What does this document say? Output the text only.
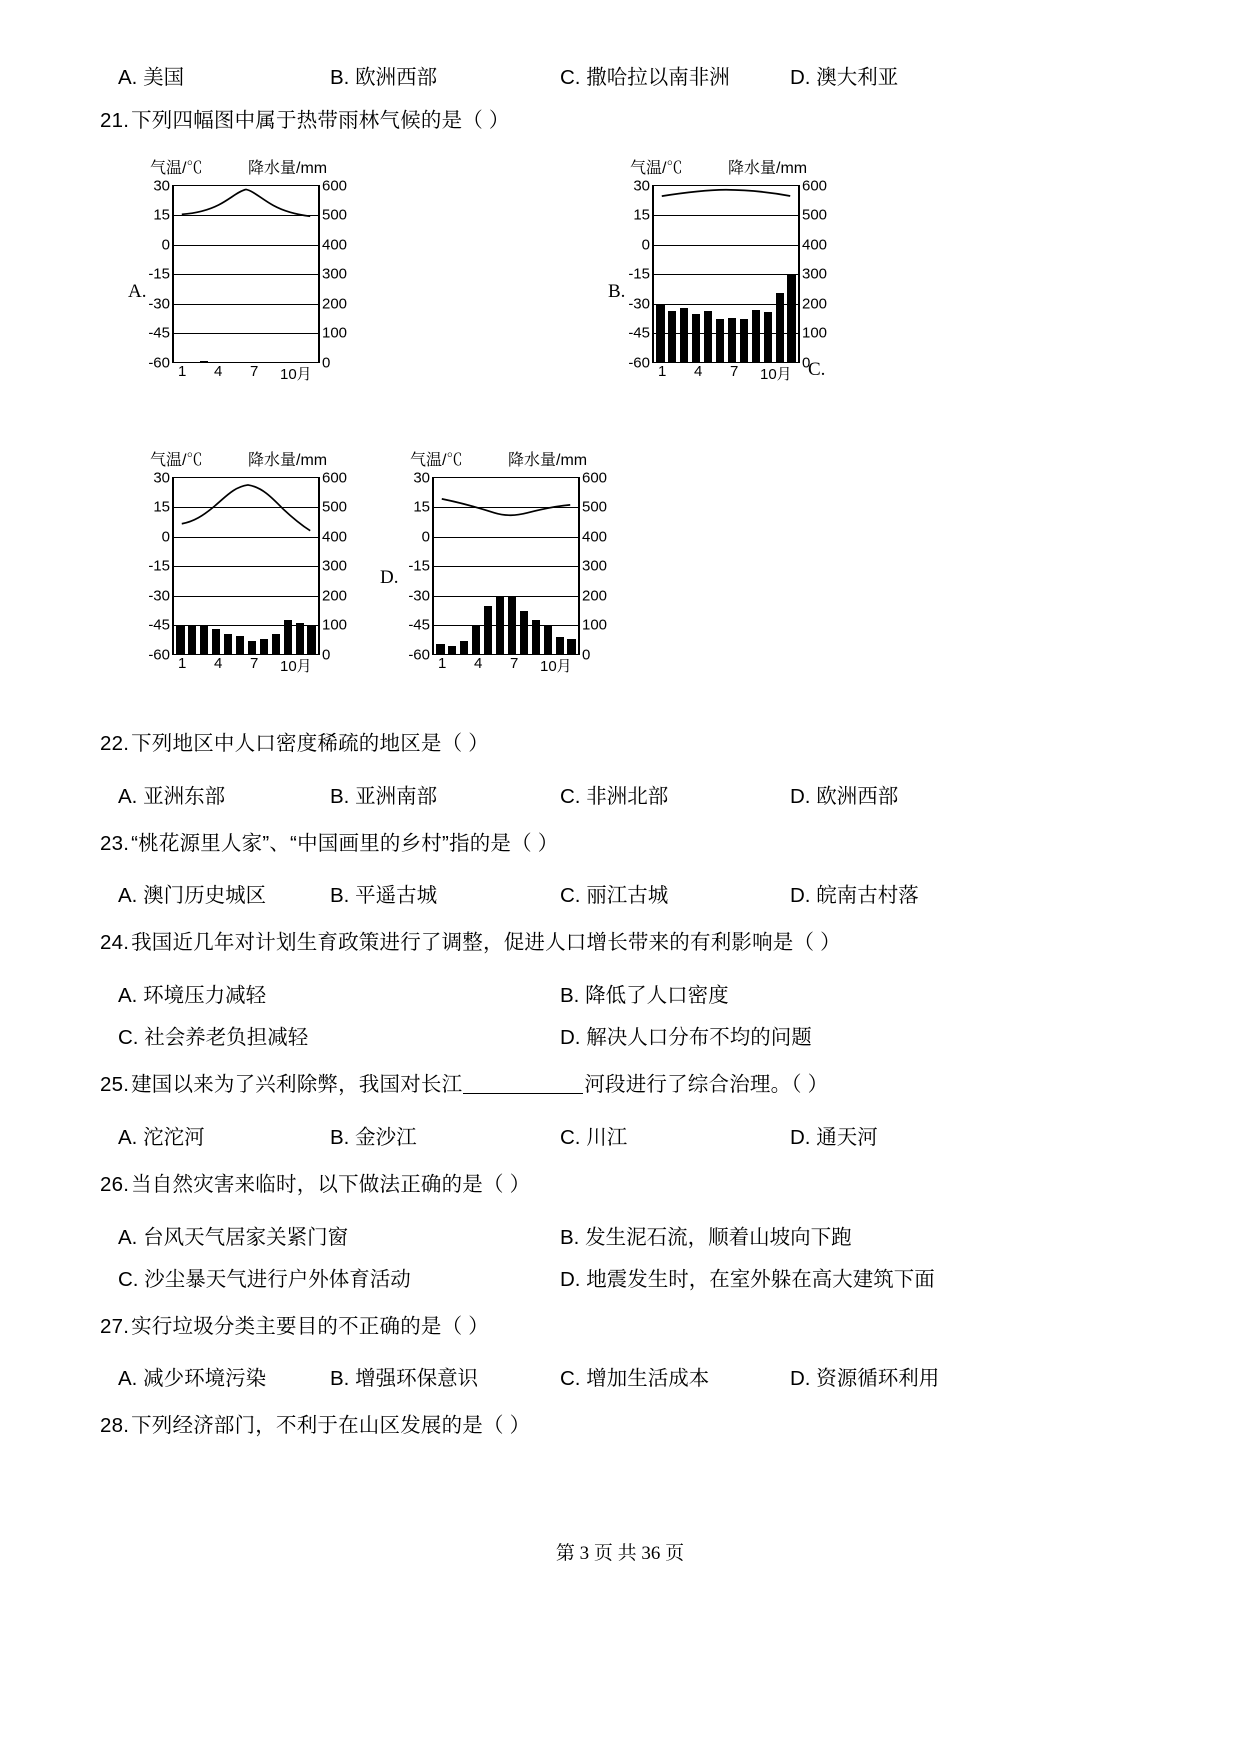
A. 美国	B. 欧洲西部	C. 撒哈拉以南非洲	D. 澳大利亚
21.下列四幅图中属于热带雨林气候的是（ ）
气温/℃	降水量/mm
A.
30
15
0
-15
-30
-45
-60
600
500
400
300
200
100
0
1 4 7 10月
气温/℃	降水量/mm
B.
30
15
0
-15
-30
-45
-60
600
500
400
300
200
100
0
1 4 7 10月 C.
气温/℃	降水量/mm
30
15
0
-15
-30
-45
-60
600
500
400
300
200
100
0
1 4 7 10月
气温/℃	降水量/mm
D.
30
15
0
-15
-30
-45
-60
600
500
400
300
200
100
0
1 4 7 10月
22.下列地区中人口密度稀疏的地区是（ ）
A. 亚洲东部	B. 亚洲南部	C. 非洲北部	D. 欧洲西部
23.“桃花源里人家”、“中国画里的乡村”指的是（ ）
A. 澳门历史城区	B. 平遥古城	C. 丽江古城	D. 皖南古村落
24.我国近几年对计划生育政策进行了调整，促进人口增长带来的有利影响是（ ）
A. 环境压力减轻	B. 降低了人口密度
C. 社会养老负担减轻	D. 解决人口分布不均的问题
25.建国以来为了兴利除弊，我国对长江	河段进行了综合治理。（ ）
A. 沱沱河	B. 金沙江	C. 川江	D. 通天河
26.当自然灾害来临时，以下做法正确的是（ ）
A. 台风天气居家关紧门窗	B. 发生泥石流，顺着山坡向下跑
C. 沙尘暴天气进行户外体育活动	D. 地震发生时，在室外躲在高大建筑下面
27.实行垃圾分类主要目的不正确的是（ ）
A. 减少环境污染	B. 增强环保意识	C. 增加生活成本	D. 资源循环利用
28.下列经济部门，不利于在山区发展的是（ ）
第 3 页 共 36 页
